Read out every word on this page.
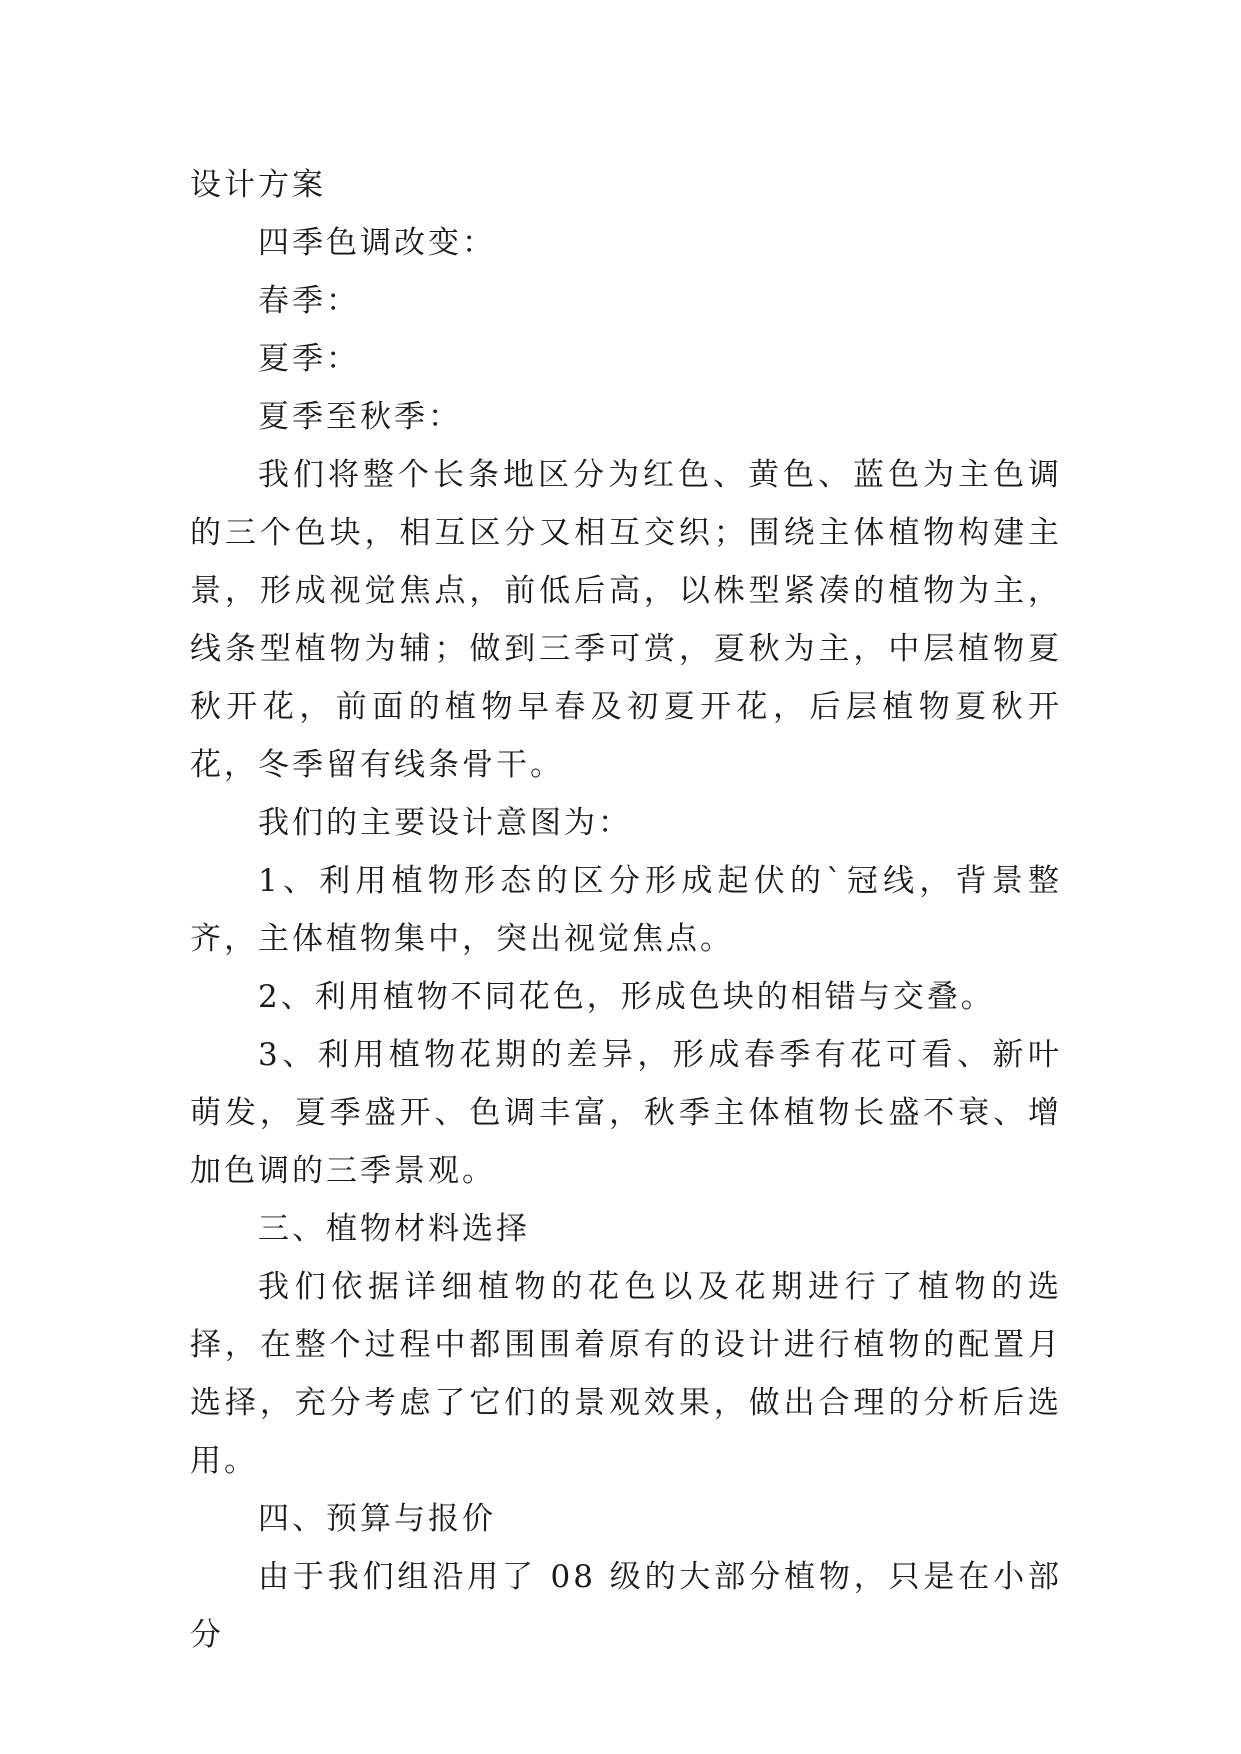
设计方案

四季色调改变：

春季：

夏季：

夏季至秋季：

我们将整个长条地区分为红色、黄色、蓝色为主色调的三个色块，相互区分又相互交织；围绕主体植物构建主景，形成视觉焦点，前低后高，以株型紧凑的植物为主，线条型植物为辅；做到三季可赏，夏秋为主，中层植物夏秋开花，前面的植物早春及初夏开花，后层植物夏秋开花，冬季留有线条骨干。

我们的主要设计意图为：

1、利用植物形态的区分形成起伏的`冠线，背景整齐，主体植物集中，突出视觉焦点。

2、利用植物不同花色，形成色块的相错与交叠。

3、利用植物花期的差异，形成春季有花可看、新叶萌发，夏季盛开、色调丰富，秋季主体植物长盛不衰、增加色调的三季景观。

三、植物材料选择

我们依据详细植物的花色以及花期进行了植物的选择，在整个过程中都围围着原有的设计进行植物的配置月选择，充分考虑了它们的景观效果，做出合理的分析后选用。

四、预算与报价

由于我们组沿用了 08 级的大部分植物，只是在小部分
